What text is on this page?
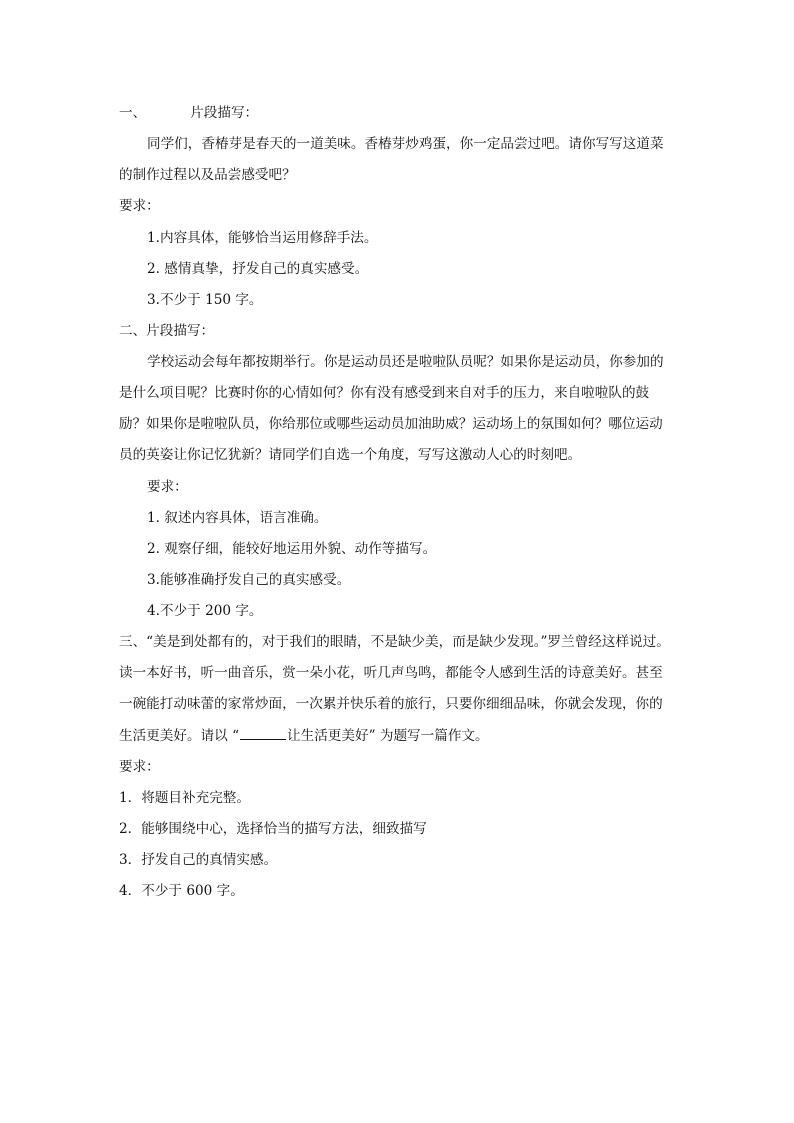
一、	片段描写：
同学们，香椿芽是春天的一道美味。香椿芽炒鸡蛋，你一定品尝过吧。请你写写这道菜
的制作过程以及品尝感受吧？
要求：
1.内容具体，能够恰当运用修辞手法。
2. 感情真挚，抒发自己的真实感受。
3.不少于 150 字。
二、片段描写：
学校运动会每年都按期举行。你是运动员还是啦啦队员呢？如果你是运动员，你参加的
是什么项目呢？比赛时你的心情如何？你有没有感受到来自对手的压力，来自啦啦队的鼓
励？如果你是啦啦队员，你给那位或哪些运动员加油助威？运动场上的氛围如何？哪位运动
员的英姿让你记忆犹新？请同学们自选一个角度，写写这激动人心的时刻吧。
要求：
1. 叙述内容具体，语言准确。
2. 观察仔细，能较好地运用外貌、动作等描写。
3.能够准确抒发自己的真实感受。
4.不少于 200 字。
三、“美是到处都有的，对于我们的眼睛，不是缺少美，而是缺少发现。”罗兰曾经这样说过。
读一本好书，听一曲音乐，赏一朵小花，听几声鸟鸣，都能令人感到生活的诗意美好。甚至
一碗能打动味蕾的家常炒面，一次累并快乐着的旅行，只要你细细品味，你就会发现，你的
生活更美好。请以 “	让生活更美好” 为题写一篇作文。
要求：
1．将题目补充完整。
2．能够围绕中心，选择恰当的描写方法，细致描写
3．抒发自己的真情实感。
4．不少于 600 字。
